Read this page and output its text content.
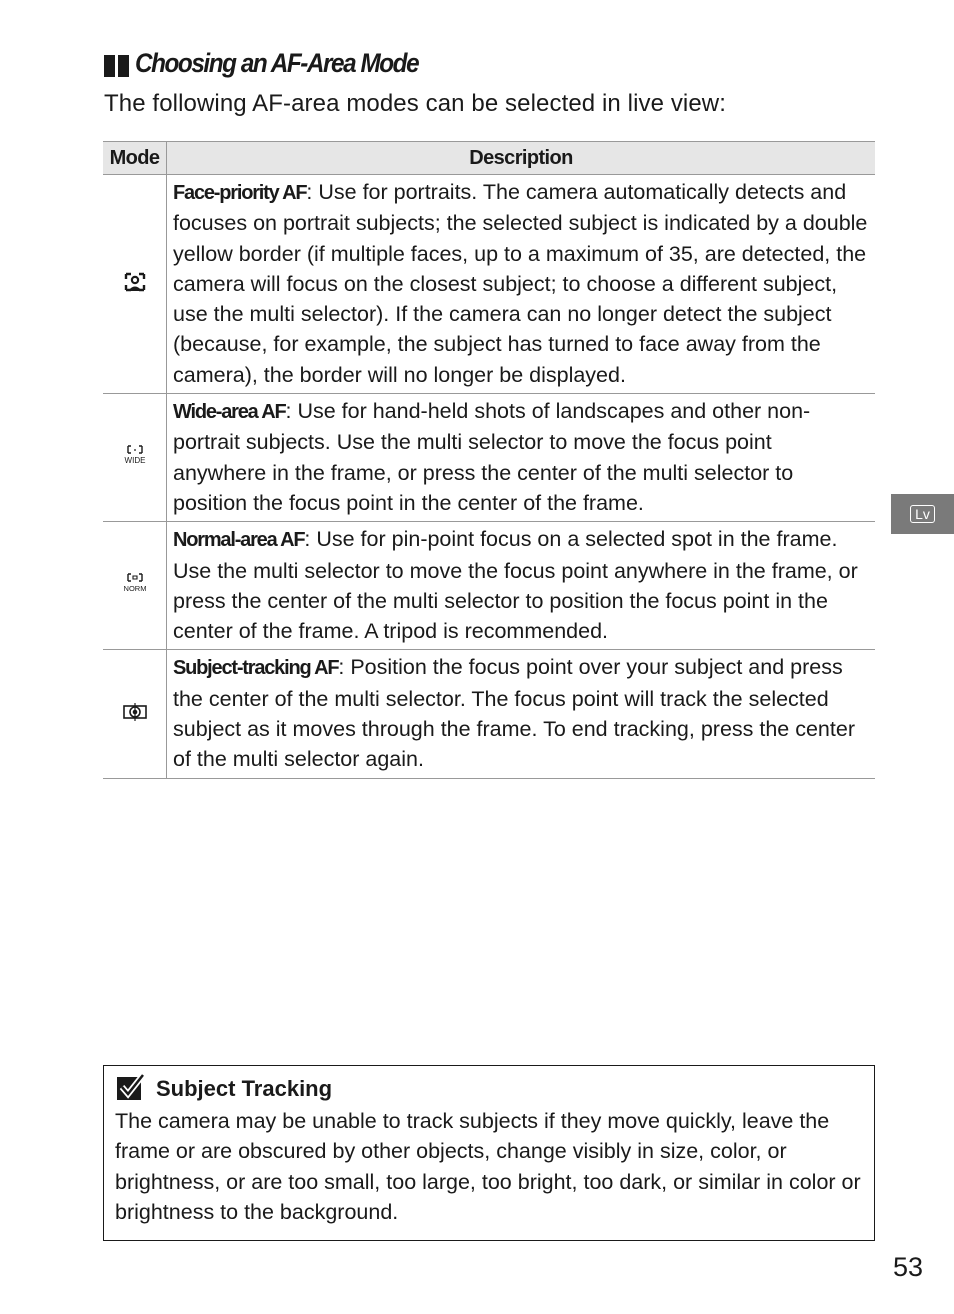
Choosing an AF-Area Mode
The following AF-area modes can be selected in live view:
Mode	Description
	Face-priority AF: Use for portraits. The camera automatically detects and focuses on portrait subjects; the selected subject is indicated by a double yellow border (if multiple faces, up to a maximum of 35, are detected, the camera will focus on the closest subject; to choose a different subject, use the multi selector). If the camera can no longer detect the subject (because, for example, the subject has turned to face away from the camera), the border will no longer be displayed.

WIDE	Wide-area AF: Use for hand-held shots of landscapes and other non-portrait subjects. Use the multi selector to move the focus point anywhere in the frame, or press the center of the multi selector to position the focus point in the center of the frame.

NORM	Normal-area AF: Use for pin-point focus on a selected spot in the frame. Use the multi selector to move the focus point anywhere in the frame, or press the center of the multi selector to position the focus point in the center of the frame. A tripod is recommended.
	Subject-tracking AF: Position the focus point over your subject and press the center of the multi selector. The focus point will track the selected subject as it moves through the frame. To end tracking, press the center of the multi selector again.
Lv
Subject Tracking
The camera may be unable to track subjects if they move quickly, leave the frame or are obscured by other objects, change visibly in size, color, or brightness, or are too small, too large, too bright, too dark, or similar in color or brightness to the background.
53
